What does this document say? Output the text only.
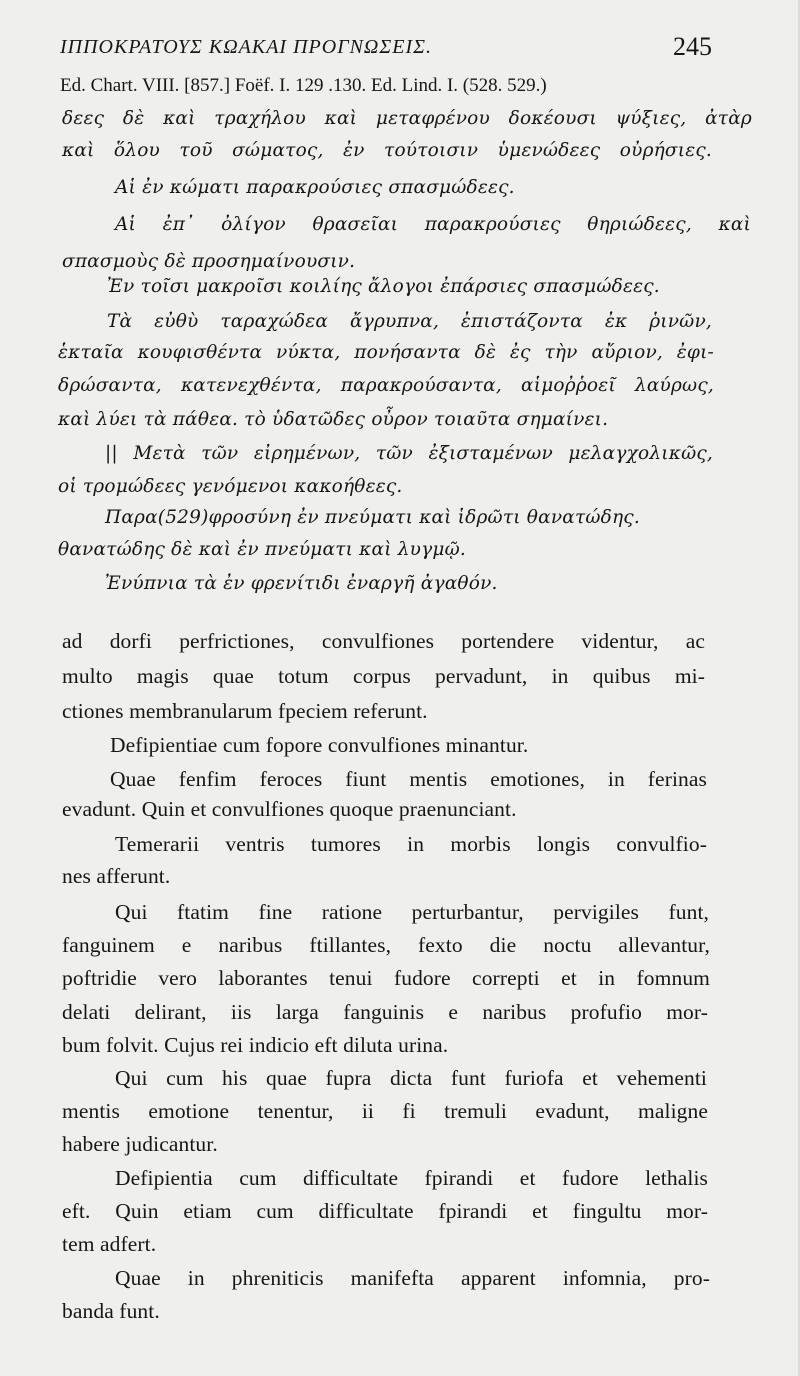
ΙΠΠΟΚΡΑΤΟΥΣ ΚΩΑΚΑΙ ΠΡΟΓΝΩΣΕΙΣ.	245
Ed. Chart. VIII. [857.] Foëf. I. 129 .130. Ed. Lind. I. (528. 529.)

δεες δὲ καὶ τραχήλου καὶ μεταφρένου δοκέουσι ψύξιες, ἀτὰρ

καὶ ὅλου τοῦ σώματος, ἐν τούτοισιν ὑμενώδεες οὐρήσιες.

Αἱ ἐν κώματι παρακρούσιες σπασμώδεες.

Αἱ ἐπ᾽ ὀλίγον θρασεῖαι παρακρούσιες θηριώδεες, καὶ

σπασμοὺς δὲ προσημαίνουσιν.

Ἐν τοῖσι μακροῖσι κοιλίης ἄλογοι ἐπάρσιες σπασμώδεες.

Τὰ εὐθὺ ταραχώδεα ἄγρυπνα, ἐπιστάζοντα ἐκ ῥινῶν,

ἑκταῖα κουφισθέντα νύκτα, πονήσαντα δὲ ἐς τὴν αὔριον, ἐφι-

δρώσαντα, κατενεχθέντα, παρακρούσαντα, αἱμοῤῥοεῖ λαύρως,

καὶ λύει τὰ πάθεα. τὸ ὑδατῶδες οὖρον τοιαῦτα σημαίνει.

|| Μετὰ τῶν εἰρημένων, τῶν ἐξισταμένων μελαγχολικῶς,

οἱ τρομώδεες γενόμενοι κακοήθεες.

Παρα(529)φροσύνη ἐν πνεύματι καὶ ἱδρῶτι θανατώδης.

θανατώδης δὲ καὶ ἐν πνεύματι καὶ λυγμῷ.

Ἐνύπνια τὰ ἐν φρενίτιδι ἐναργῆ ἀγαθόν.

ad dorfi perfrictiones, convulfiones portendere videntur, ac

multo magis quae totum corpus pervadunt, in quibus mi-

ctiones membranularum fpeciem referunt.

Defipientiae cum fopore convulfiones minantur.

Quae fenfim feroces fiunt mentis emotiones, in ferinas

evadunt. Quin et convulfiones quoque praenunciant.

Temerarii ventris tumores in morbis longis convulfio-

nes afferunt.

Qui ftatim fine ratione perturbantur, pervigiles funt,

fanguinem e naribus ftillantes, fexto die noctu allevantur,

poftridie vero laborantes tenui fudore correpti et in fomnum

delati delirant, iis larga fanguinis e naribus profufio mor-

bum folvit. Cujus rei indicio eft diluta urina.

Qui cum his quae fupra dicta funt furiofa et vehementi

mentis emotione tenentur, ii fi tremuli evadunt, maligne

habere judicantur.

Defipientia cum difficultate fpirandi et fudore lethalis

eft. Quin etiam cum difficultate fpirandi et fingultu mor-

tem adfert.

Quae in phreniticis manifefta apparent infomnia, pro-

banda funt.
